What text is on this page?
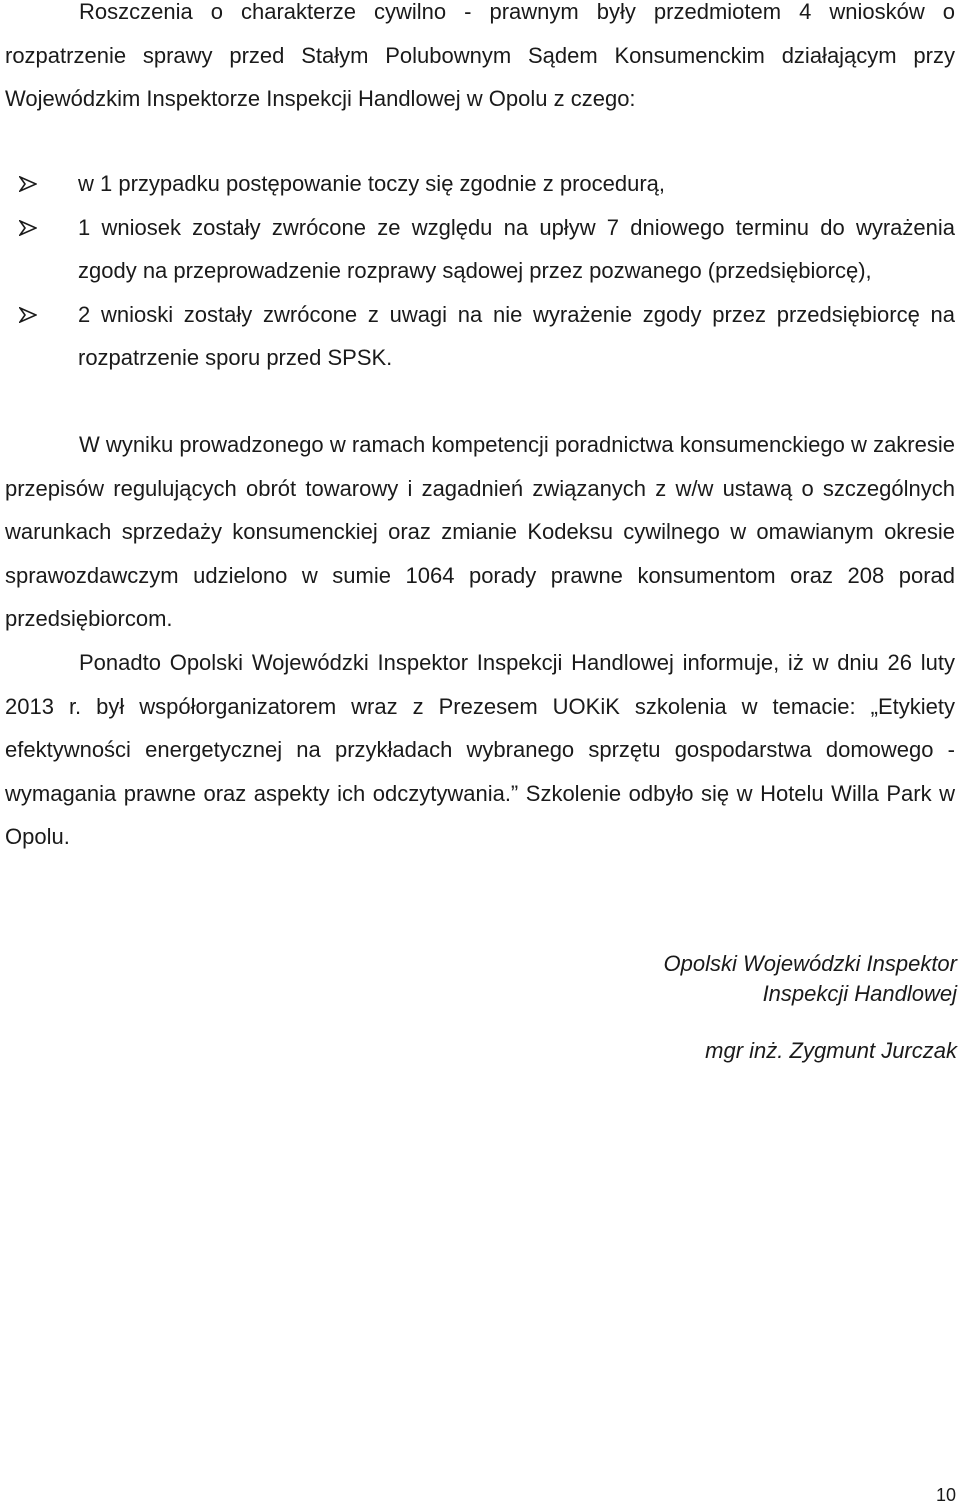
Roszczenia o charakterze cywilno - prawnym były przedmiotem 4 wniosków o rozpatrzenie sprawy przed Stałym Polubownym Sądem Konsumenckim działającym przy Wojewódzkim Inspektorze Inspekcji Handlowej w Opolu z czego:

w 1 przypadku postępowanie toczy się zgodnie z procedurą,
1 wniosek zostały zwrócone ze względu na upływ 7 dniowego terminu do wyrażenia zgody na przeprowadzenie rozprawy sądowej przez pozwanego (przedsiębiorcę),
2 wnioski zostały zwrócone z uwagi na nie wyrażenie zgody przez przedsiębiorcę na rozpatrzenie sporu przed SPSK.

W wyniku prowadzonego w ramach kompetencji poradnictwa konsumenckiego w zakresie przepisów regulujących obrót towarowy i zagadnień związanych z w/w ustawą o szczególnych warunkach sprzedaży konsumenckiej oraz zmianie Kodeksu cywilnego w omawianym okresie sprawozdawczym udzielono w sumie 1064 porady prawne konsumentom oraz 208 porad przedsiębiorcom.

Ponadto Opolski Wojewódzki Inspektor Inspekcji Handlowej informuje, iż w dniu 26 luty 2013 r. był współorganizatorem wraz z Prezesem UOKiK szkolenia w temacie: „Etykiety efektywności energetycznej na przykładach wybranego sprzętu gospodarstwa domowego - wymagania prawne oraz aspekty ich odczytywania.” Szkolenie odbyło się w Hotelu Willa Park w Opolu.

Opolski Wojewódzki Inspektor
Inspekcji Handlowej
mgr inż. Zygmunt Jurczak
10
